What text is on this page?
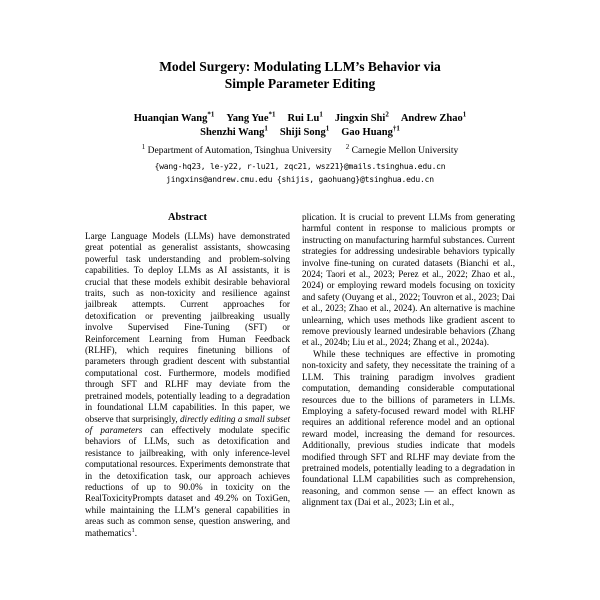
Model Surgery: Modulating LLM’s Behavior via
Simple Parameter Editing
Huanqian Wang$^{*1}$ Yang Yue$^{*1}$ Rui Lu$^1$ Jingxin Shi$^2$ Andrew Zhao$^1$
Shenzhi Wang$^1$ Shiji Song$^1$ Gao Huang$^{\dagger 1}$
$^1$ Department of Automation, Tsinghua University $^2$ Carnegie Mellon University
{wang-hq23, le-y22, r-lu21, zqc21, wsz21}@mails.tsinghua.edu.cn
jingxins@andrew.cmu.edu {shijis, gaohuang}@tsinghua.edu.cn
Abstract

Large Language Models (LLMs) have demonstrated great potential as generalist assistants, showcasing powerful task understanding and problem-solving capabilities. To deploy LLMs as AI assistants, it is crucial that these models exhibit desirable behavioral traits, such as non-toxicity and resilience against jailbreak attempts. Current approaches for detoxification or preventing jailbreaking usually involve Supervised Fine-Tuning (SFT) or Reinforcement Learning from Human Feedback (RLHF), which requires finetuning billions of parameters through gradient descent with substantial computational cost. Furthermore, models modified through SFT and RLHF may deviate from the pretrained models, potentially leading to a degradation in foundational LLM capabilities. In this paper, we observe that surprisingly, directly editing a small subset of parameters can effectively modulate specific behaviors of LLMs, such as detoxification and resistance to jailbreaking, with only inference-level computational resources. Experiments demonstrate that in the detoxification task, our approach achieves reductions of up to 90.0% in toxicity on the RealToxicityPrompts dataset and 49.2% on ToxiGen, while maintaining the LLM’s general capabilities in areas such as common sense, question answering, and mathematics$^1$.

plication. It is crucial to prevent LLMs from generating harmful content in response to malicious prompts or instructing on manufacturing harmful substances. Current strategies for addressing undesirable behaviors typically involve fine-tuning on curated datasets (Bianchi et al., 2024; Taori et al., 2023; Perez et al., 2022; Zhao et al., 2024) or employing reward models focusing on toxicity and safety (Ouyang et al., 2022; Touvron et al., 2023; Dai et al., 2023; Zhao et al., 2024). An alternative is machine unlearning, which uses methods like gradient ascent to remove previously learned undesirable behaviors (Zhang et al., 2024b; Liu et al., 2024; Zhang et al., 2024a).

While these techniques are effective in promoting non-toxicity and safety, they necessitate the training of a LLM. This training paradigm involves gradient computation, demanding considerable computational resources due to the billions of parameters in LLMs. Employing a safety-focused reward model with RLHF requires an additional reference model and an optional reward model, increasing the demand for resources. Additionally, previous studies indicate that models modified through SFT and RLHF may deviate from the pretrained models, potentially leading to a degradation in foundational LLM capabilities such as comprehension, reasoning, and common sense — an effect known as alignment tax (Dai et al., 2023; Lin et al.,
